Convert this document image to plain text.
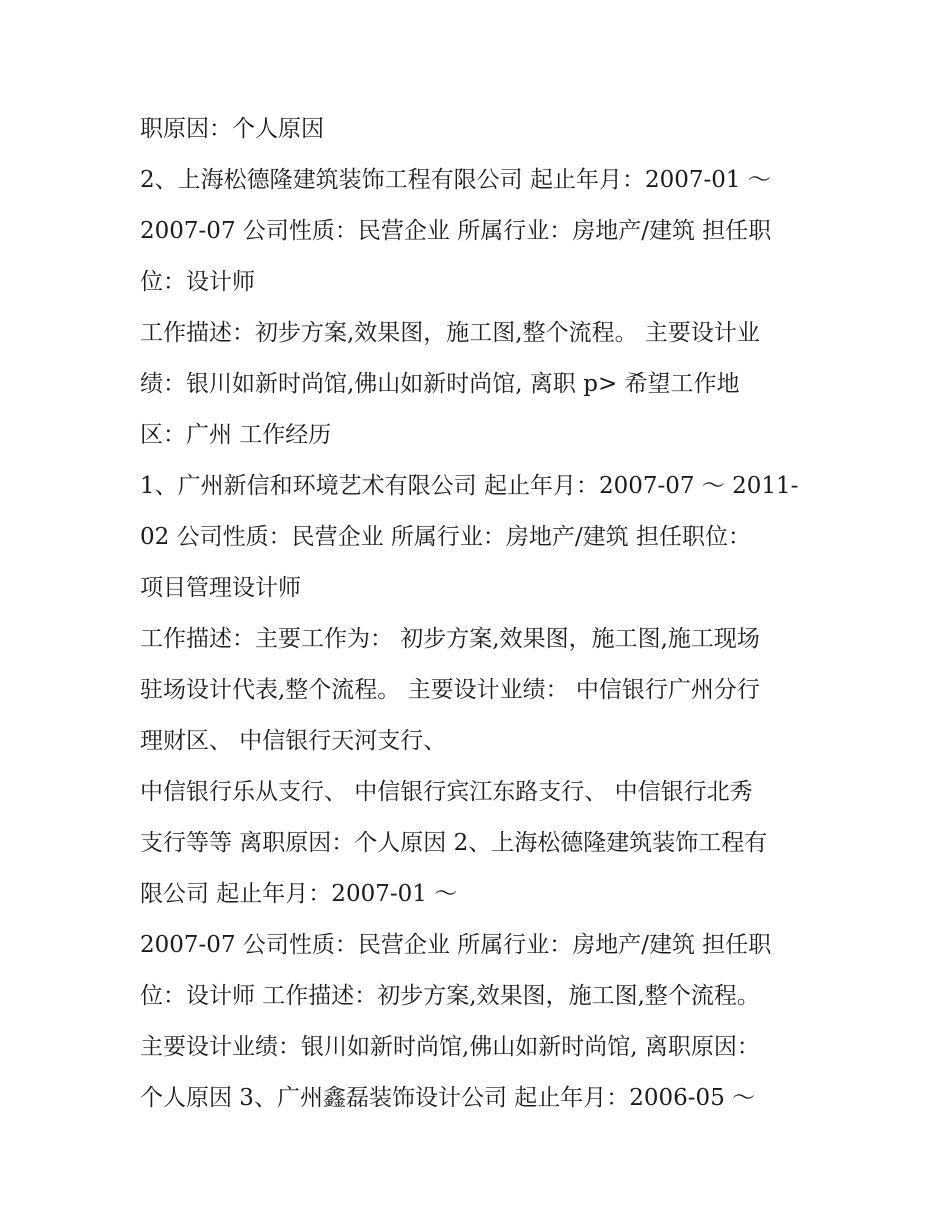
职原因：个人原因
2、上海松德隆建筑装饰工程有限公司 起止年月：2007-01 ～
2007-07 公司性质：民营企业 所属行业：房地产/建筑 担任职
位：设计师
工作描述：初步方案,效果图，施工图,整个流程。 主要设计业
绩：银川如新时尚馆,佛山如新时尚馆, 离职 p> 希望工作地
区：广州 工作经历
1、广州新信和环境艺术有限公司 起止年月：2007-07 ～ 2011-
02 公司性质：民营企业 所属行业：房地产/建筑 担任职位：
项目管理设计师
工作描述：主要工作为： 初步方案,效果图，施工图,施工现场
驻场设计代表,整个流程。 主要设计业绩： 中信银行广州分行
理财区、 中信银行天河支行、
中信银行乐从支行、 中信银行宾江东路支行、 中信银行北秀
支行等等 离职原因：个人原因 2、上海松德隆建筑装饰工程有
限公司 起止年月：2007-01 ～
2007-07 公司性质：民营企业 所属行业：房地产/建筑 担任职
位：设计师 工作描述：初步方案,效果图，施工图,整个流程。
主要设计业绩：银川如新时尚馆,佛山如新时尚馆, 离职原因：
个人原因 3、广州鑫磊装饰设计公司 起止年月：2006-05 ～
